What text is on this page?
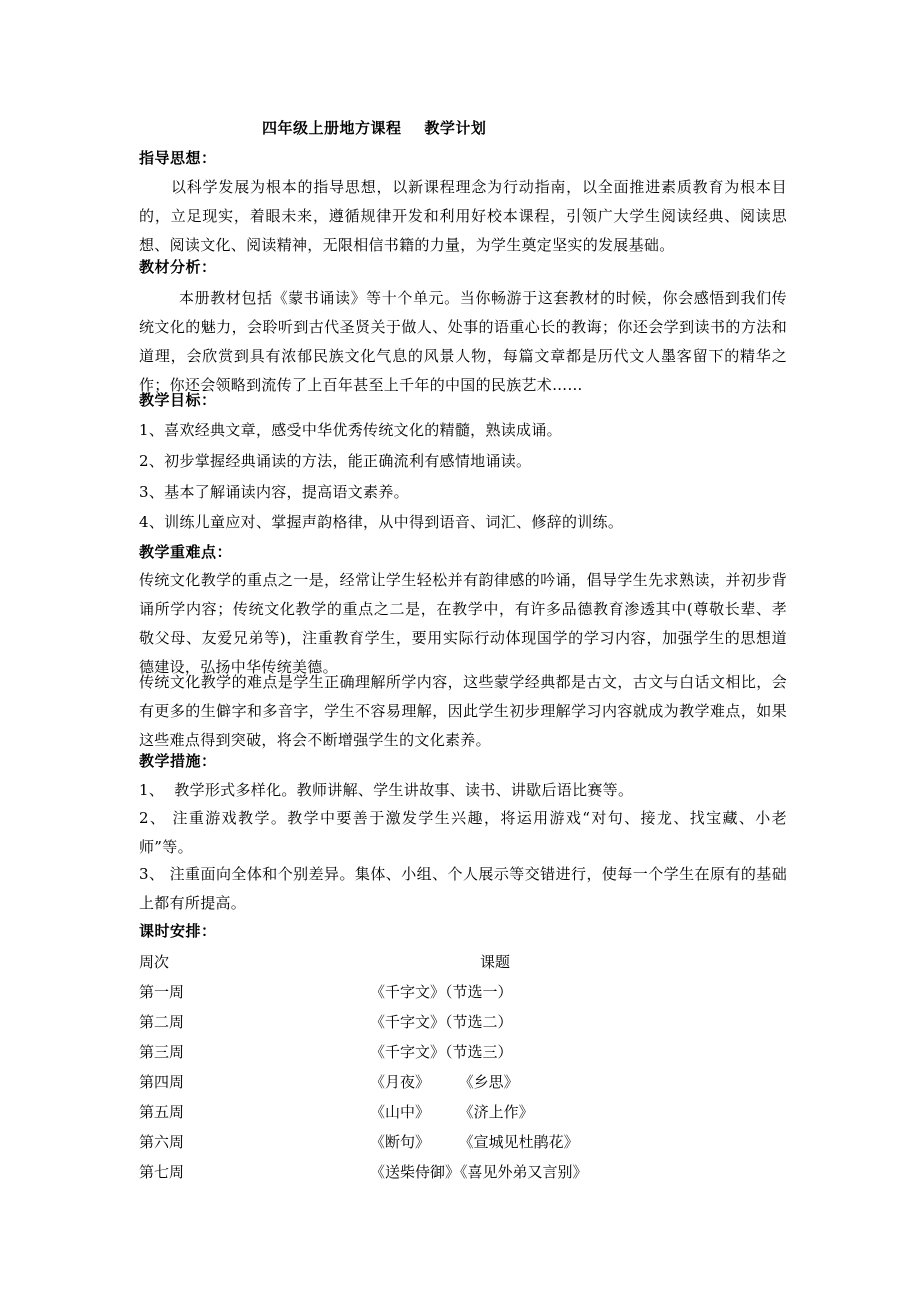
四年级上册地方课程    教学计划
指导思想：
以科学发展为根本的指导思想，以新课程理念为行动指南，以全面推进素质教育为根本目的，立足现实，着眼未来，遵循规律开发和利用好校本课程，引领广大学生阅读经典、阅读思想、阅读文化、阅读精神，无限相信书籍的力量，为学生奠定坚实的发展基础。
教材分析：
本册教材包括《蒙书诵读》等十个单元。当你畅游于这套教材的时候，你会感悟到我们传统文化的魅力，会聆听到古代圣贤关于做人、处事的语重心长的教诲；你还会学到读书的方法和道理，会欣赏到具有浓郁民族文化气息的风景人物，每篇文章都是历代文人墨客留下的精华之作；你还会领略到流传了上百年甚至上千年的中国的民族艺术……
教学目标：
1、喜欢经典文章，感受中华优秀传统文化的精髓，熟读成诵。
2、初步掌握经典诵读的方法，能正确流利有感情地诵读。
3、基本了解诵读内容，提高语文素养。
4、训练儿童应对、掌握声韵格律，从中得到语音、词汇、修辞的训练。
教学重难点：
传统文化教学的重点之一是，经常让学生轻松并有韵律感的吟诵，倡导学生先求熟读，并初步背诵所学内容；传统文化教学的重点之二是，在教学中，有许多品德教育渗透其中(尊敬长辈、孝敬父母、友爱兄弟等)，注重教育学生，要用实际行动体现国学的学习内容，加强学生的思想道德建设，弘扬中华传统美德。
传统文化教学的难点是学生正确理解所学内容，这些蒙学经典都是古文，古文与白话文相比，会有更多的生僻字和多音字，学生不容易理解，因此学生初步理解学习内容就成为教学难点，如果这些难点得到突破，将会不断增强学生的文化素养。
教学措施：
1、  教学形式多样化。教师讲解、学生讲故事、读书、讲歇后语比赛等。
2、 注重游戏教学。教学中要善于激发学生兴趣，将运用游戏“对句、接龙、找宝藏、小老师”等。
3、 注重面向全体和个别差异。集体、小组、个人展示等交错进行，使每一个学生在原有的基础上都有所提高。
课时安排：
周次	课题
第一周	《千字文》（节选一）
第二周	《千字文》（节选二）
第三周	《千字文》（节选三）
第四周	《月夜》      《乡思》
第五周	《山中》      《济上作》
第六周	《断句》      《宣城见杜鹃花》
第七周	《送柴侍御》《喜见外弟又言别》
